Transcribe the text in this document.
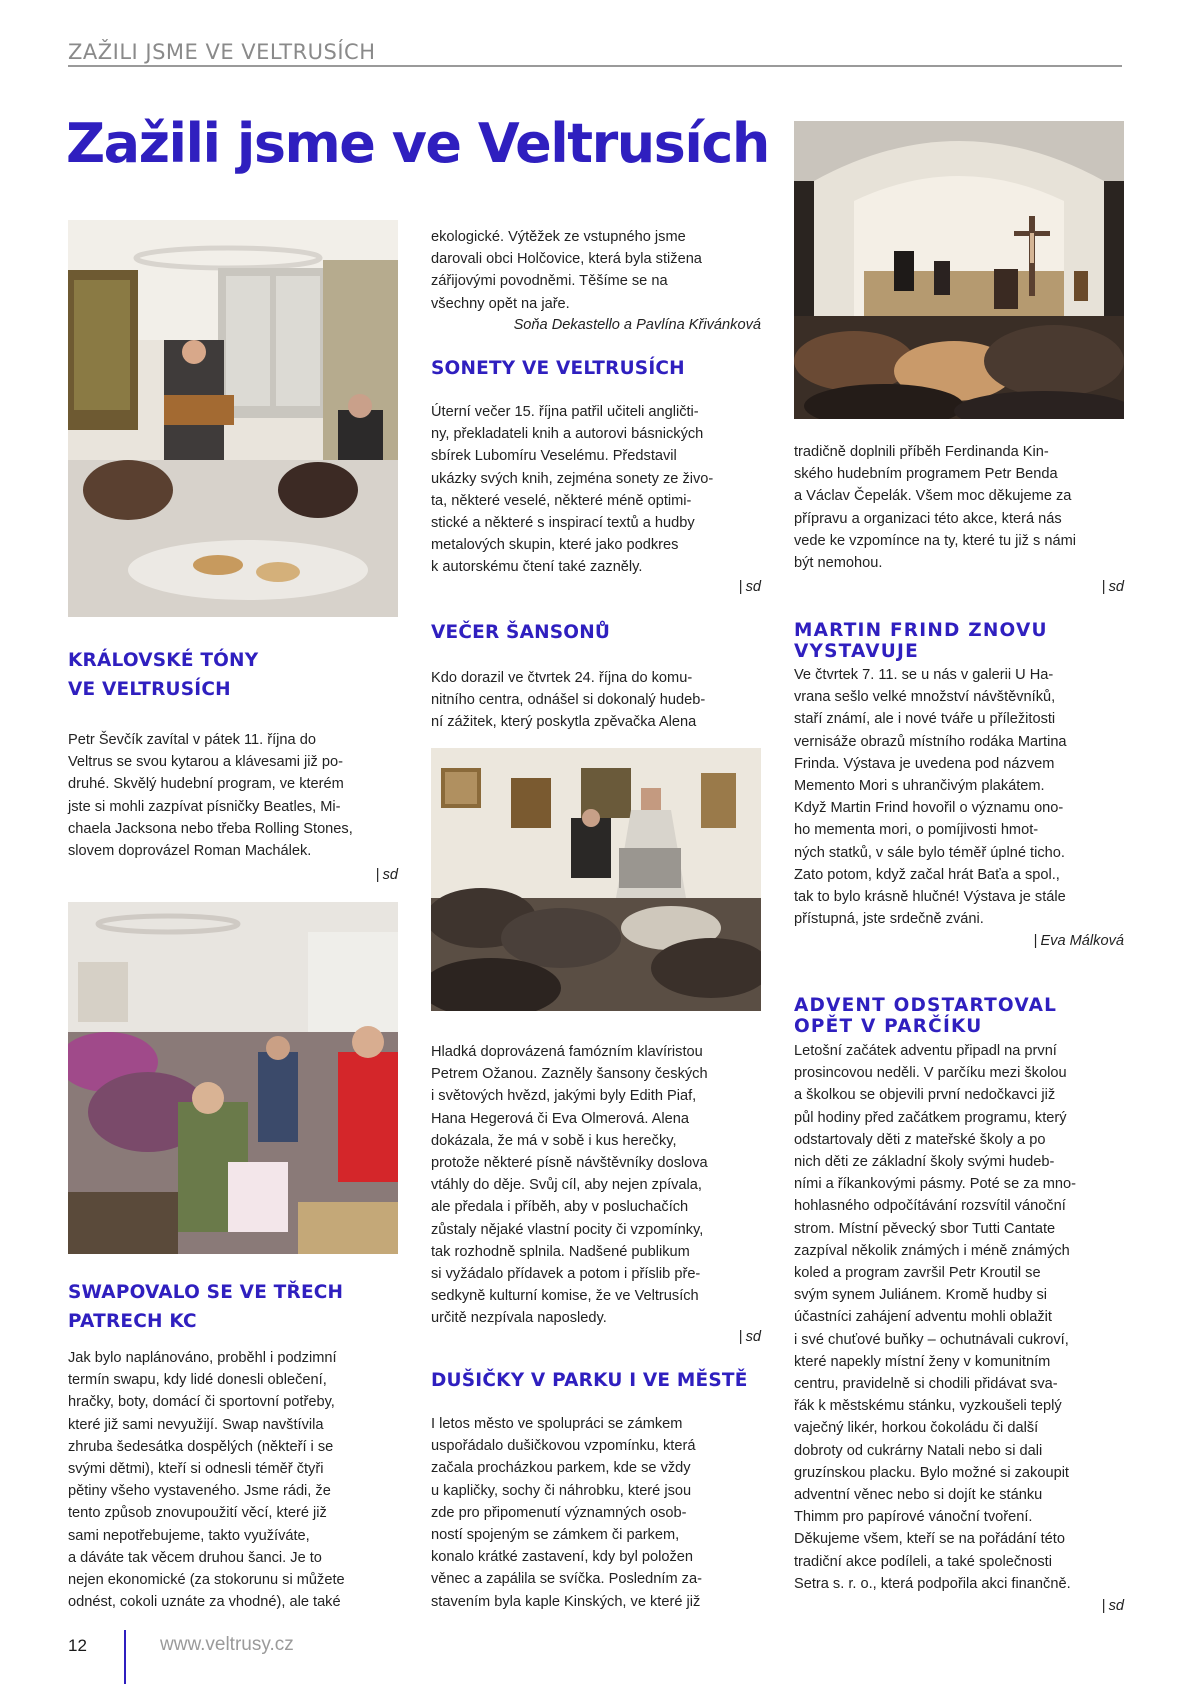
ZAŽILI JSME VE VELTRUSÍCH
Zažili jsme ve Veltrusích
KRÁLOVSKÉ TÓNY
VE VELTRUSÍCH
Petr Ševčík zavítal v pátek 11. října do
Veltrus se svou kytarou a klávesami již po-
druhé. Skvělý hudební program, ve kterém
jste si mohli zazpívat písničky Beatles, Mi-
chaela Jacksona nebo třeba Rolling Stones,
slovem doprovázel Roman Machálek.
| sd
SWAPOVALO SE VE TŘECH
PATRECH KC
Jak bylo naplánováno, proběhl i podzimní
termín swapu, kdy lidé donesli oblečení,
hračky, boty, domácí či sportovní potřeby,
které již sami nevyužijí. Swap navštívila
zhruba šedesátka dospělých (někteří i se
svými dětmi), kteří si odnesli téměř čtyři
pětiny všeho vystaveného. Jsme rádi, že
tento způsob znovupoužití věcí, které již
sami nepotřebujeme, takto využíváte,
a dáváte tak věcem druhou šanci. Je to
nejen ekonomické (za stokorunu si můžete
odnést, cokoli uznáte za vhodné), ale také
ekologické. Výtěžek ze vstupného jsme
darovali obci Holčovice, která byla stižena
zářijovými povodněmi. Těšíme se na
všechny opět na jaře.
Soňa Dekastello a Pavlína Křivánková
SONETY VE VELTRUSÍCH
Úterní večer 15. října patřil učiteli angličti-
ny, překladateli knih a autorovi básnických
sbírek Lubomíru Veselému. Představil
ukázky svých knih, zejména sonety ze živo-
ta, některé veselé, některé méně optimi-
stické a některé s inspirací textů a hudby
metalových skupin, které jako podkres
k autorskému čtení také zazněly.
| sd
VEČER ŠANSONŮ
Kdo dorazil ve čtvrtek 24. října do komu-
nitního centra, odnášel si dokonalý hudeb-
ní zážitek, který poskytla zpěvačka Alena
Hladká doprovázená famózním klavíristou
Petrem Ožanou. Zazněly šansony českých
i světových hvězd, jakými byly Edith Piaf,
Hana Hegerová či Eva Olmerová. Alena
dokázala, že má v sobě i kus herečky,
protože některé písně návštěvníky doslova
vtáhly do děje. Svůj cíl, aby nejen zpívala,
ale předala i příběh, aby v posluchačích
zůstaly nějaké vlastní pocity či vzpomínky,
tak rozhodně splnila. Nadšené publikum
si vyžádalo přídavek a potom i příslib pře-
sedkyně kulturní komise, že ve Veltrusích
určitě nezpívala naposledy.
| sd
DUŠIČKY V PARKU I VE MĚSTĚ
I letos město ve spolupráci se zámkem
uspořádalo dušičkovou vzpomínku, která
začala procházkou parkem, kde se vždy
u kapličky, sochy či náhrobku, které jsou
zde pro připomenutí významných osob-
ností spojeným se zámkem či parkem,
konalo krátké zastavení, kdy byl položen
věnec a zapálila se svíčka. Posledním za-
stavením byla kaple Kinských, ve které již
tradičně doplnili příběh Ferdinanda Kin-
ského hudebním programem Petr Benda
a Václav Čepelák. Všem moc děkujeme za
přípravu a organizaci této akce, která nás
vede ke vzpomínce na ty, které tu již s námi
být nemohou.
| sd
MARTIN FRIND ZNOVU
VYSTAVUJE
Ve čtvrtek 7. 11. se u nás v galerii U Ha-
vrana sešlo velké množství návštěvníků,
staří známí, ale i nové tváře u příležitosti
vernisáže obrazů místního rodáka Martina
Frinda. Výstava je uvedena pod názvem
Memento Mori s uhrančivým plakátem.
Když Martin Frind hovořil o významu ono-
ho mementa mori, o pomíjivosti hmot-
ných statků, v sále bylo téměř úplné ticho.
Zato potom, když začal hrát Baťa a spol.,
tak to bylo krásně hlučné! Výstava je stále
přístupná, jste srdečně zváni.
| Eva Málková
ADVENT ODSTARTOVAL
OPĚT V PARČÍKU
Letošní začátek adventu připadl na první
prosincovou neděli. V parčíku mezi školou
a školkou se objevili první nedočkavci již
půl hodiny před začátkem programu, který
odstartovaly děti z mateřské školy a po
nich děti ze základní školy svými hudeb-
ními a říkankovými pásmy. Poté se za mno-
hohlasného odpočítávání rozsvítil vánoční
strom. Místní pěvecký sbor Tutti Cantate
zazpíval několik známých i méně známých
koled a program završil Petr Kroutil se
svým synem Juliánem. Kromě hudby si
účastníci zahájení adventu mohli oblažit
i své chuťové buňky – ochutnávali cukroví,
které napekly místní ženy v komunitním
centru, pravidelně si chodili přidávat sva-
řák k městskému stánku, vyzkoušeli teplý
vaječný likér, horkou čokoládu či další
dobroty od cukrárny Natali nebo si dali
gruzínskou placku. Bylo možné si zakoupit
adventní věnec nebo si dojít ke stánku
Thimm pro papírové vánoční tvoření.
Děkujeme všem, kteří se na pořádání této
tradiční akce podíleli, a také společnosti
Setra s. r. o., která podpořila akci finančně.
| sd
12	www.veltrusy.cz
